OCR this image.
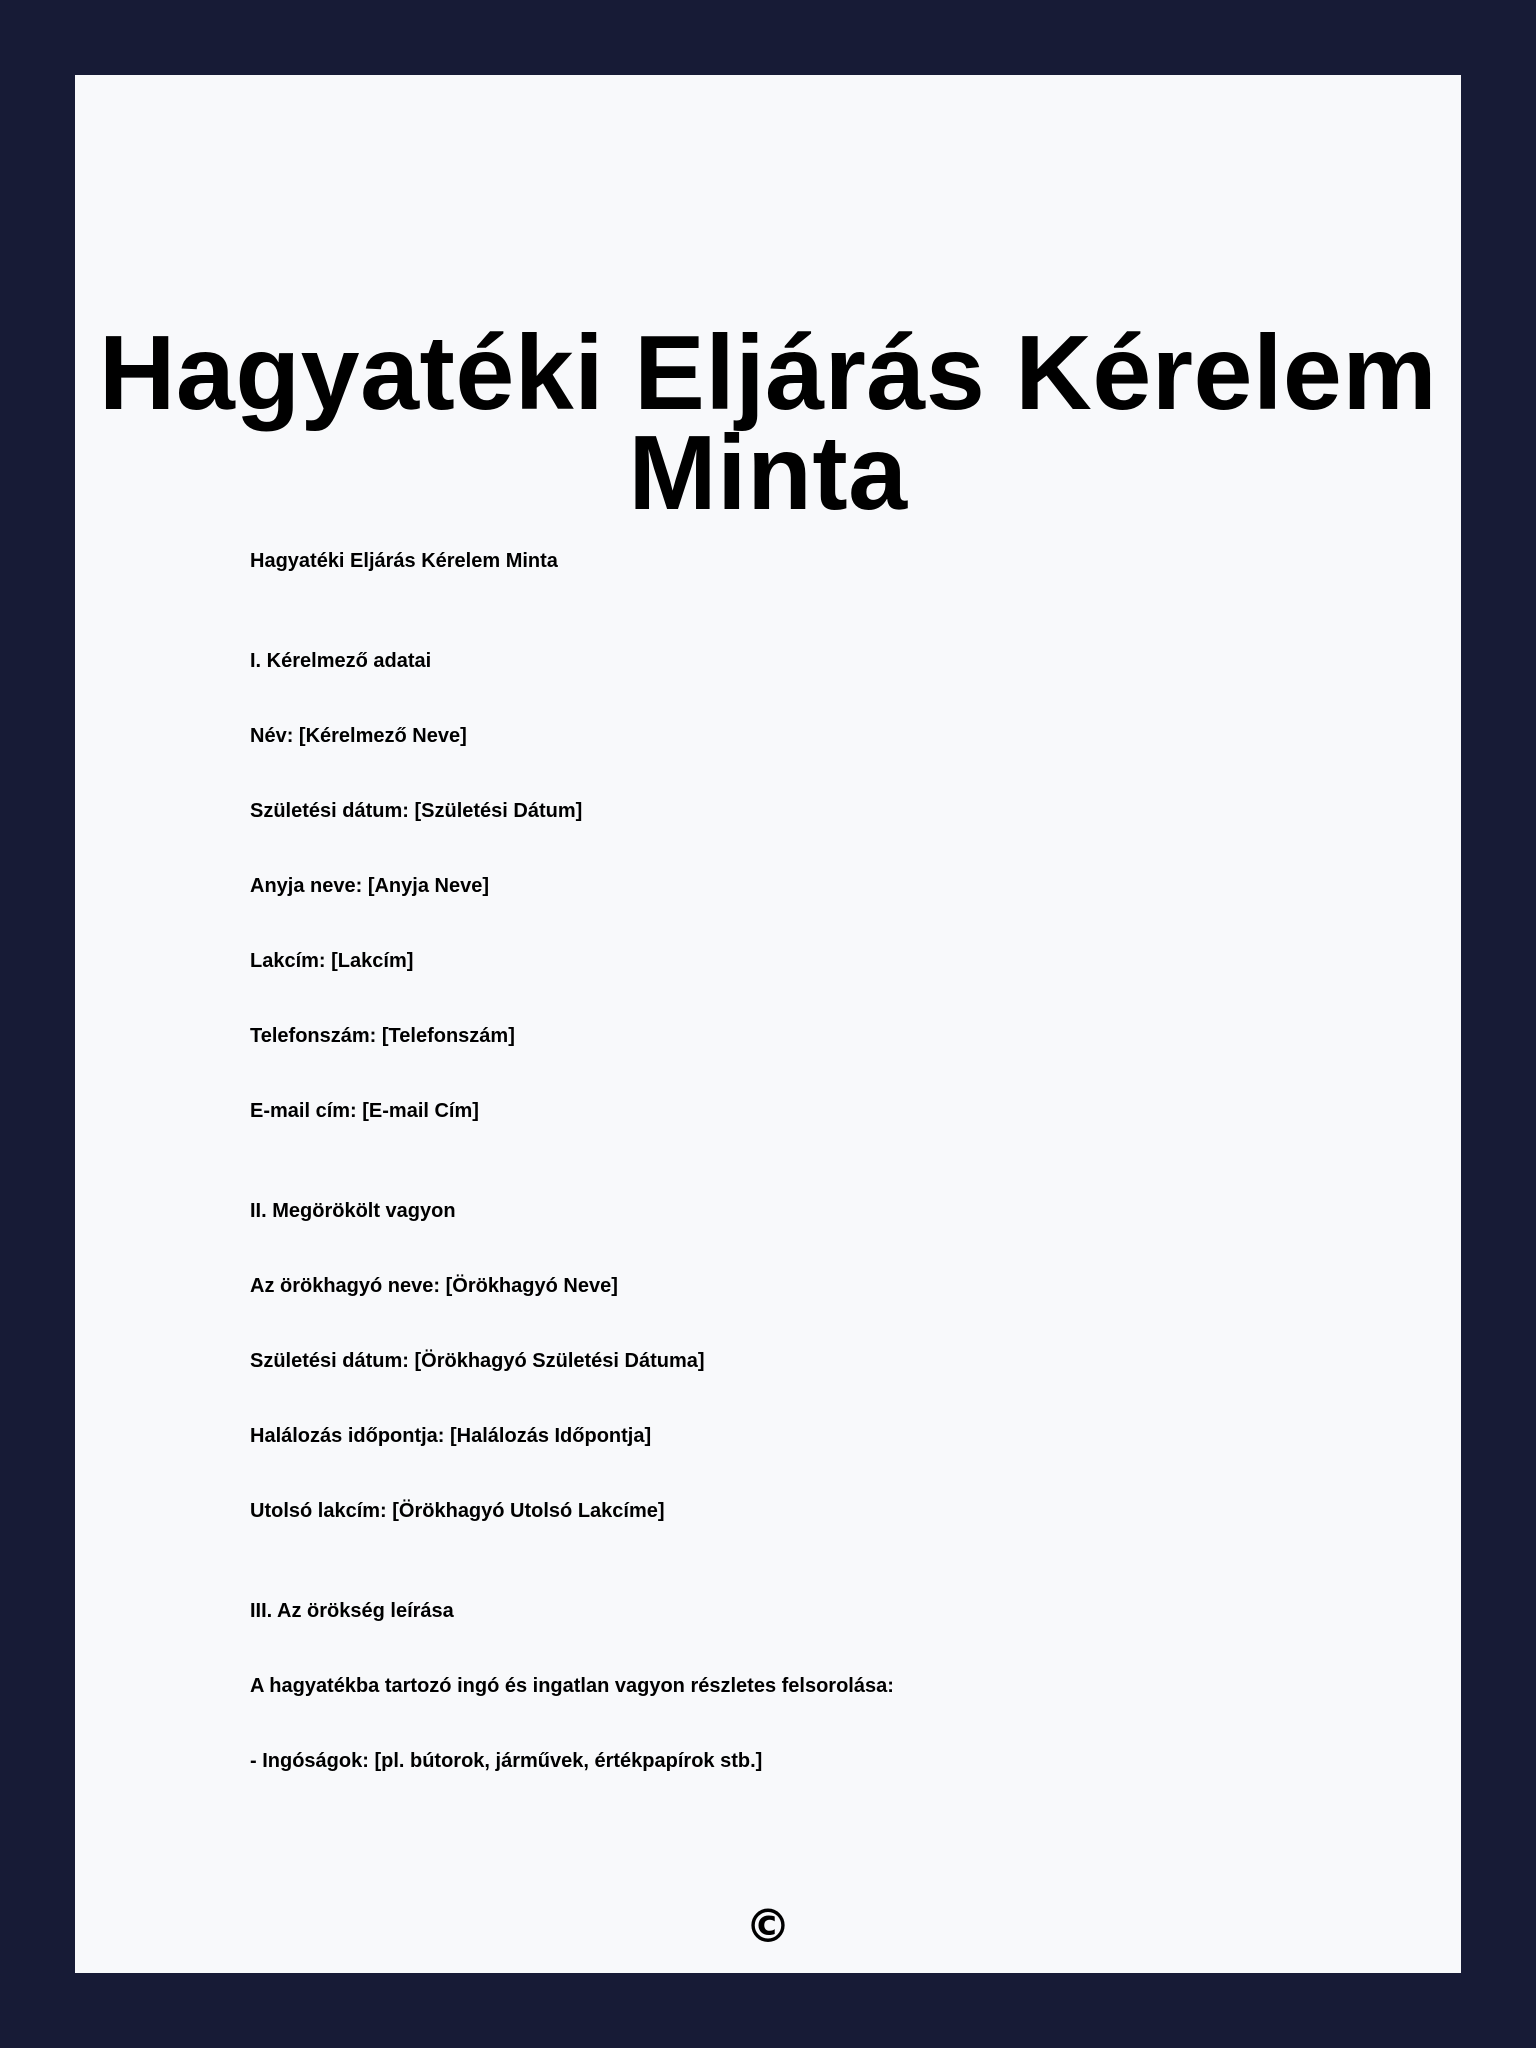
Hagyatéki Eljárás Kérelem Minta
Hagyatéki Eljárás Kérelem Minta
I. Kérelmező adatai
Név: [Kérelmező Neve]
Születési dátum: [Születési Dátum]
Anyja neve: [Anyja Neve]
Lakcím: [Lakcím]
Telefonszám: [Telefonszám]
E-mail cím: [E-mail Cím]
II. Megörökölt vagyon
Az örökhagyó neve: [Örökhagyó Neve]
Születési dátum: [Örökhagyó Születési Dátuma]
Halálozás időpontja: [Halálozás Időpontja]
Utolsó lakcím: [Örökhagyó Utolsó Lakcíme]
III. Az örökség leírása
A hagyatékba tartozó ingó és ingatlan vagyon részletes felsorolása:
- Ingóságok: [pl. bútorok, járművek, értékpapírok stb.]
©
